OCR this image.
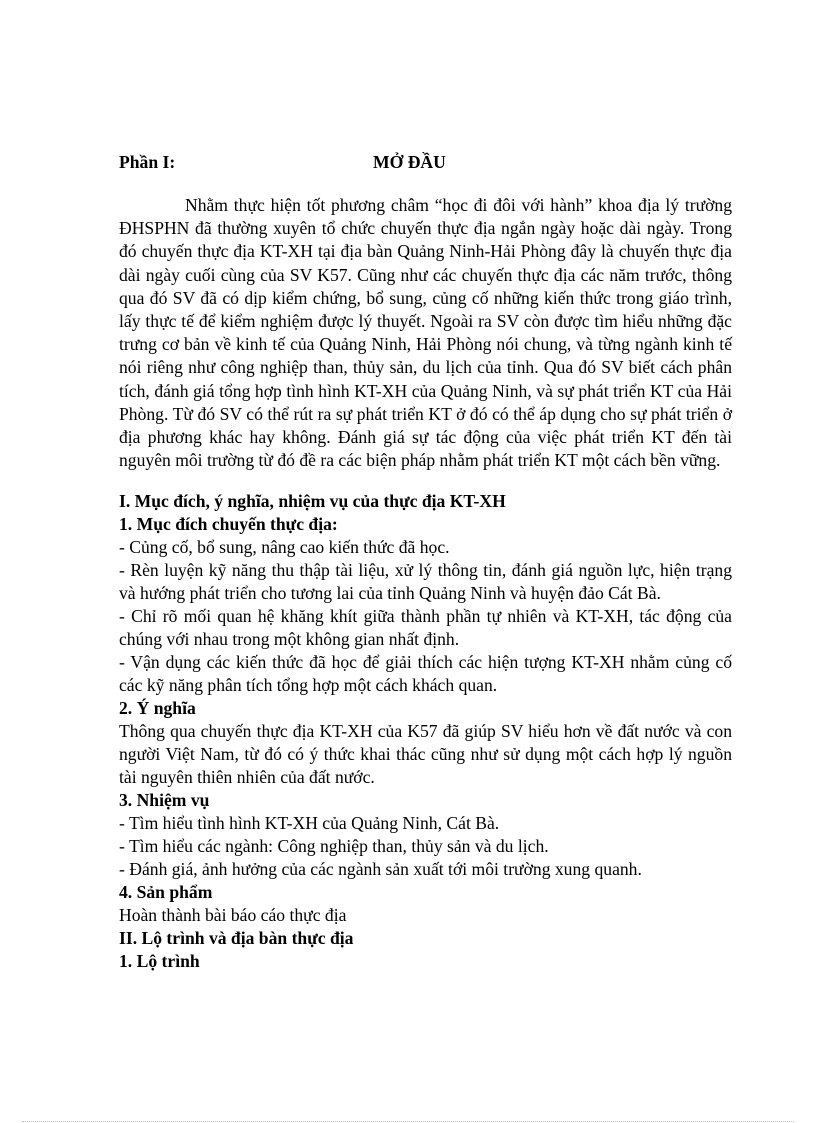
Phần I:	MỞ ĐẦU

Nhằm thực hiện tốt phương châm “học đi đôi với hành” khoa địa lý trường ĐHSPHN đã thường xuyên tổ chức chuyến thực địa ngắn ngày hoặc dài ngày. Trong đó chuyến thực địa KT-XH tại địa bàn Quảng Ninh-Hải Phòng đây là chuyến thực địa dài ngày cuối cùng của SV K57. Cũng như các chuyến thực địa các năm trước, thông qua đó SV đã có dịp kiểm chứng, bổ sung, củng cố những kiến thức trong giáo trình, lấy thực tế để kiểm nghiệm được lý thuyết. Ngoài ra SV còn được tìm hiểu những đặc trưng cơ bản về kinh tế của Quảng Ninh, Hải Phòng nói chung, và từng ngành kinh tế nói riêng như công nghiệp than, thủy sản, du lịch của tỉnh. Qua đó SV biết cách phân tích, đánh giá tổng hợp tình hình KT-XH của Quảng Ninh, và sự phát triển KT của Hải Phòng. Từ đó SV có thể rút ra sự phát triển KT ở đó có thể áp dụng cho sự phát triển ở địa phương khác hay không. Đánh giá sự tác động của việc phát triển KT đến tài nguyên môi trường từ đó đề ra các biện pháp nhằm phát triển KT một cách bền vững.

I. Mục đích, ý nghĩa, nhiệm vụ của thực địa KT-XH

1. Mục đích chuyến thực địa:

- Củng cố, bổ sung, nâng cao kiến thức đã học.

- Rèn luyện kỹ năng thu thập tài liệu, xử lý thông tin, đánh giá nguồn lực, hiện trạng và hướng phát triển cho tương lai của tỉnh Quảng Ninh và huyện đảo Cát Bà.

- Chỉ rõ mối quan hệ khăng khít giữa thành phần tự nhiên và KT-XH, tác động của chúng với nhau trong một không gian nhất định.

- Vận dụng các kiến thức đã học để giải thích các hiện tượng KT-XH nhằm củng cố các kỹ năng phân tích tổng hợp một cách khách quan.

2. Ý nghĩa

Thông qua chuyến thực địa KT-XH của K57 đã giúp SV hiểu hơn về đất nước và con người Việt Nam, từ đó có ý thức khai thác cũng như sử dụng một cách hợp lý nguồn tài nguyên thiên nhiên của đất nước.

3. Nhiệm vụ

- Tìm hiểu tình hình KT-XH của Quảng Ninh, Cát Bà.

- Tìm hiểu các ngành: Công nghiệp than, thủy sản và du lịch.

- Đánh giá, ảnh hưởng của các ngành sản xuất tới môi trường xung quanh.

4. Sản phẩm

Hoàn thành bài báo cáo thực địa

II. Lộ trình và địa bàn thực địa

1. Lộ trình
